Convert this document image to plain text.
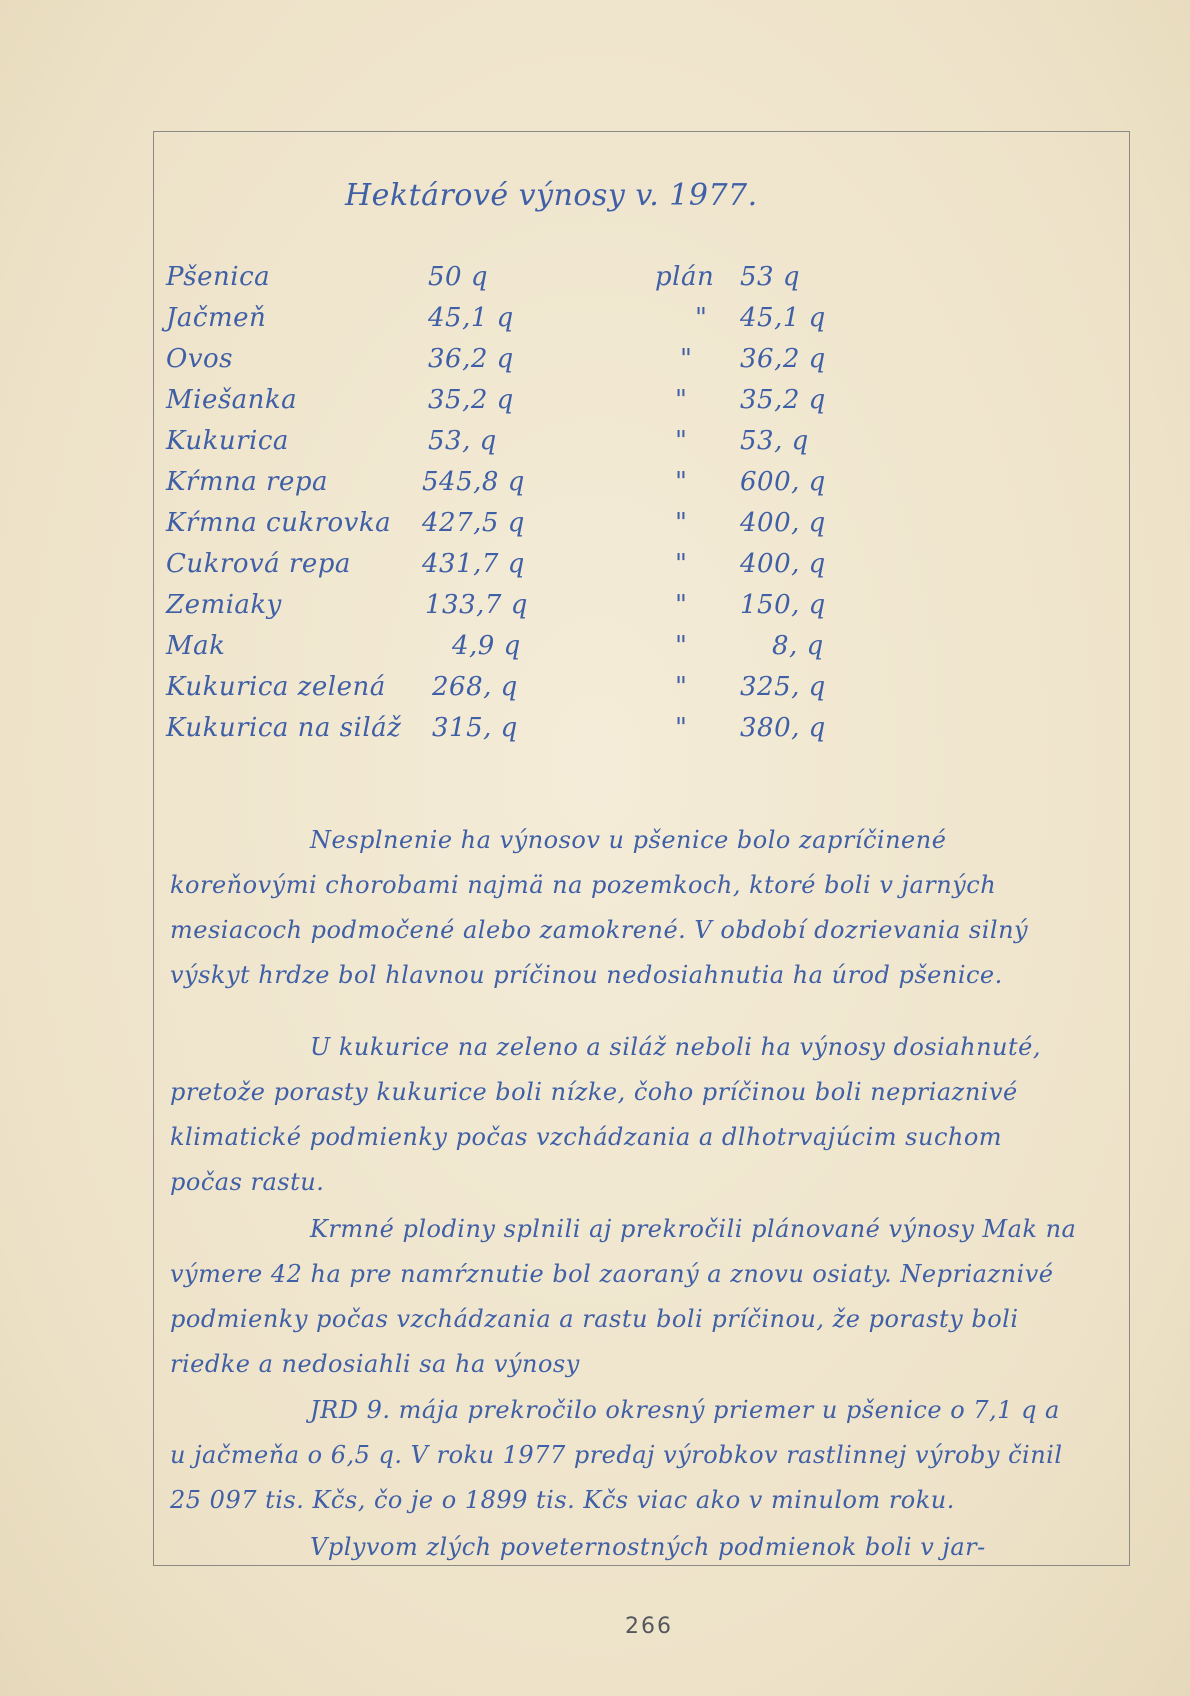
Hektárové výnosy v. 1977.
Pšenica	50 q	plán 53 q
Jačmeň	45,1 q	" 45,1 q
Ovos	36,2 q	" 36,2 q
Miešanka	35,2 q	" 35,2 q
Kukurica	53, q	" 53, q
Kŕmna repa	545,8 q	" 600, q
Kŕmna cukrovka 427,5 q	" 400, q
Cukrová repa	431,7 q	" 400, q
Zemiaky	133,7 q	" 150, q
Mak	4,9 q	"	8, q
Kukurica zelená 268, q	" 325, q
Kukurica na siláž 315, q	" 380, q

Nesplnenie ha výnosov u pšenice bolo zapríčinené koreňovými chorobami najmä na pozemkoch, ktoré boli v jarných mesiacoch podmočené alebo zamokrené. V období dozrievania silný výskyt hrdze bol hlavnou príčinou nedosiahnutia ha úrod pšenice.

U kukurice na zeleno a siláž neboli ha výnosy dosiahnuté, pretože porasty kukurice boli nízke, čoho príčinou boli nepriaznivé klimatické podmienky počas vzchádzania a dlhotrvajúcim suchom počas rastu.

Krmné plodiny splnili aj prekročili plánované výnosy Mak na výmere 42 ha pre namŕznutie bol zaoraný a znovu osiaty. Nepriaznivé podmienky počas vzchádzania a rastu boli príčinou, že porasty boli riedke a nedosiahli sa ha výnosy

JRD 9. mája prekročilo okresný priemer u pšenice o 7,1 q a u jačmeňa o 6,5 q. V roku 1977 predaj výrobkov rastlinnej výroby činil 25 097 tis. Kčs, čo je o 1899 tis. Kčs viac ako v minulom roku.

Vplyvom zlých poveternostných podmienok boli v jar-

266
